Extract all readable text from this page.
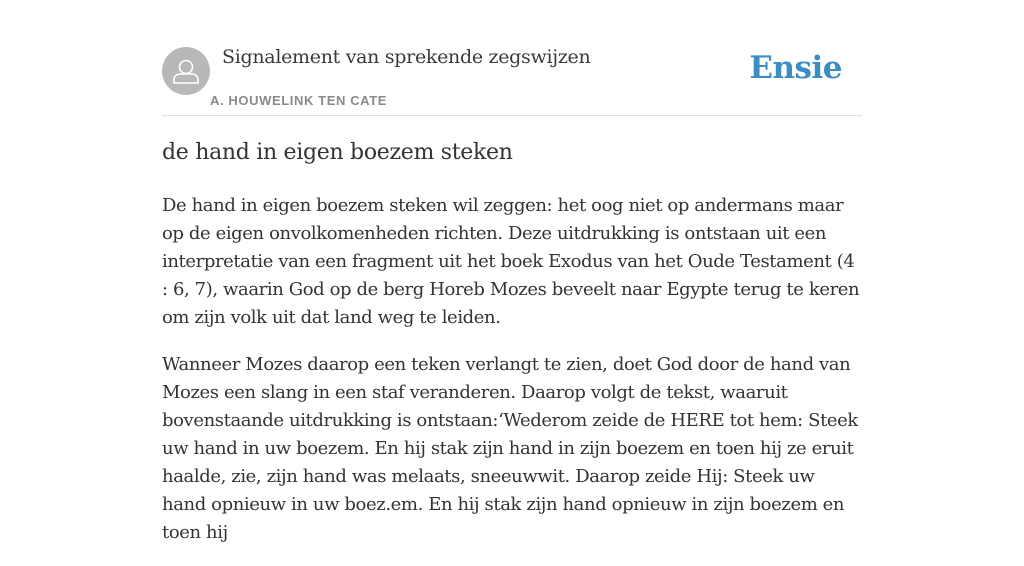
Signalement van sprekende zegswijzen
A. HOUWELINK TEN CATE
Ensie
de hand in eigen boezem steken

De hand in eigen boezem steken wil zeggen: het oog niet op andermans maar op de eigen onvolkomenheden richten. Deze uitdrukking is ontstaan uit een interpretatie van een fragment uit het boek Exodus van het Oude Testament (4 : 6, 7), waarin God op de berg Horeb Mozes beveelt naar Egypte terug te keren om zijn volk uit dat land weg te leiden.

Wanneer Mozes daarop een teken verlangt te zien, doet God door de hand van Mozes een slang in een staf veranderen. Daarop volgt de tekst, waaruit bovenstaande uitdrukking is ontstaan:‘Wederom zeide de HERE tot hem: Steek uw hand in uw boezem. En hij stak zijn hand in zijn boezem en toen hij ze eruit haalde, zie, zijn hand was melaats, sneeuwwit. Daarop zeide Hij: Steek uw hand opnieuw in uw boez.em. En hij stak zijn hand opnieuw in zijn boezem en toen hij
